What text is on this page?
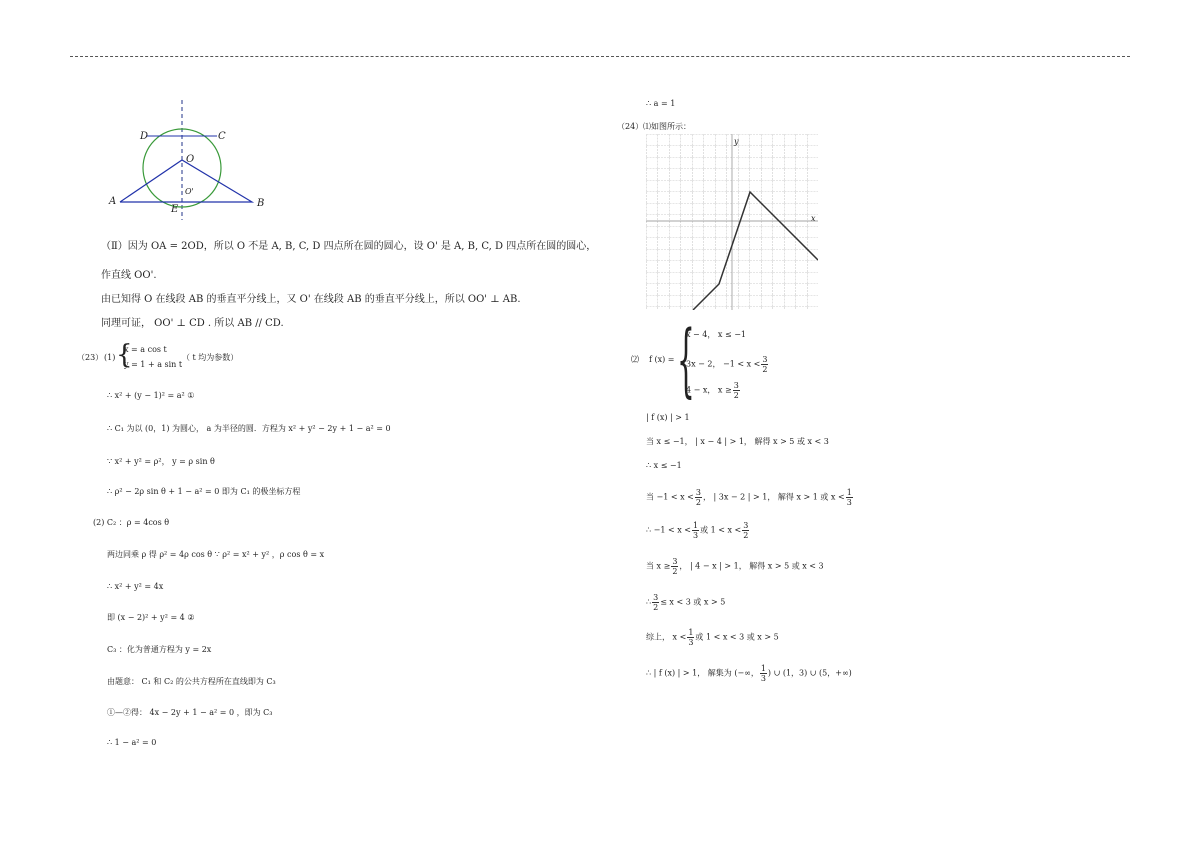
D	C
O
O'
A
E
B
（Ⅱ）因为 OA = 2OD，所以 O 不是 A, B, C, D 四点所在圆的圆心，设 O' 是 A, B, C, D 四点所在圆的圆心，
作直线 OO'.
由已知得 O 在线段 AB 的垂直平分线上，又 O' 在线段 AB 的垂直平分线上，所以 OO' ⊥ AB.
同理可证， OO' ⊥ CD . 所以 AB // CD.
（23） (1) {
x = a cos t
y = 1 + a sin t
（ t 均为参数）
∴ x² + (y − 1)² = a² ①
∴ C₁ 为以 (0，1) 为圆心， a 为半径的圆．方程为 x² + y² − 2y + 1 − a² = 0
∵ x² + y² = ρ²， y = ρ sin θ
∴ ρ² − 2ρ sin θ + 1 − a² = 0 即为 C₁ 的极坐标方程
(2) C₂ ：ρ = 4cos θ
两边同乘 ρ 得 ρ² = 4ρ cos θ ∵ ρ² = x² + y² ，ρ cos θ = x
∴ x² + y² = 4x
即 (x − 2)² + y² = 4 ②
C₃ ：化为普通方程为 y = 2x
由题意： C₁ 和 C₂ 的公共方程所在直线即为 C₃
①—②得： 4x − 2y + 1 − a² = 0 ，即为 C₃
∴ 1 − a² = 0
∴ a = 1
（24） ⑴如图所示：
y
x
⑵ f (x) = {
x − 4， x ≤ −1
3x − 2， $-1 < x < \frac{3}{2}$
4 − x， $x \ge \frac{3}{2}$
| f (x) | > 1
当 x ≤ −1， | x − 4 | > 1， 解得 x > 5 或 x < 3
∴ x ≤ −1
当 $-1 < x < \frac{3}{2}$ ， | 3x − 2 | > 1， 解得 x > 1 或 $x < \frac{1}{3}$
∴ $-1 < x < \frac{1}{3}$ 或 $1 < x < \frac{3}{2}$
当 $x \ge \frac{3}{2}$ ， | 4 − x | > 1， 解得 x > 5 或 x < 3
∴ $\frac{3}{2} \le x < 3$ 或 x > 5
综上， $x < \frac{1}{3}$ 或 1 < x < 3 或 x > 5
∴ | f (x) | > 1， 解集为 (−∞， $\frac{1}{3}$ ) ∪ (1，3) ∪ (5，+∞)
